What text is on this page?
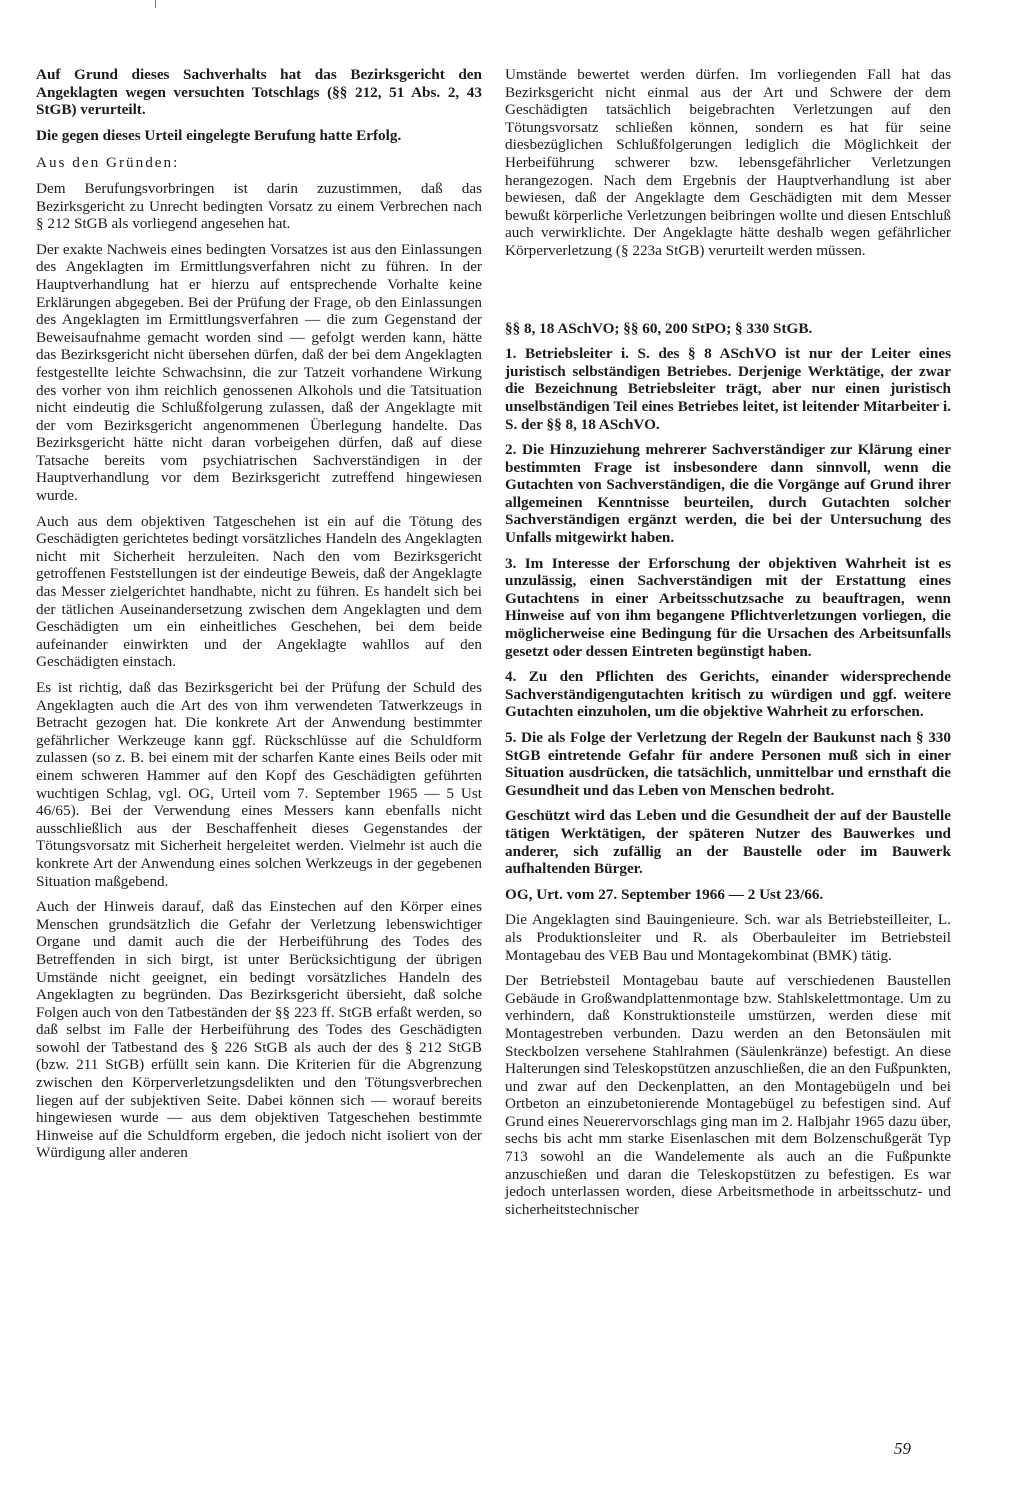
Auf Grund dieses Sachverhalts hat das Bezirksgericht den Angeklagten wegen versuchten Totschlags (§§ 212, 51 Abs. 2, 43 StGB) verurteilt.

Die gegen dieses Urteil eingelegte Berufung hatte Erfolg.

Aus den Gründen:

Dem Berufungsvorbringen ist darin zuzustimmen, daß das Bezirksgericht zu Unrecht bedingten Vorsatz zu einem Verbrechen nach § 212 StGB als vorliegend angesehen hat.

Der exakte Nachweis eines bedingten Vorsatzes ist aus den Einlassungen des Angeklagten im Ermittlungsverfahren nicht zu führen. In der Hauptverhandlung hat er hierzu auf entsprechende Vorhalte keine Erklärungen abgegeben. Bei der Prüfung der Frage, ob den Einlassungen des Angeklagten im Ermittlungsverfahren — die zum Gegenstand der Beweisaufnahme gemacht worden sind — gefolgt werden kann, hätte das Bezirksgericht nicht übersehen dürfen, daß der bei dem Angeklagten festgestellte leichte Schwachsinn, die zur Tatzeit vorhandene Wirkung des vorher von ihm reichlich genossenen Alkohols und die Tatsituation nicht eindeutig die Schlußfolgerung zulassen, daß der Angeklagte mit der vom Bezirksgericht angenommenen Überlegung handelte. Das Bezirksgericht hätte nicht daran vorbeigehen dürfen, daß auf diese Tatsache bereits vom psychiatrischen Sachverständigen in der Hauptverhandlung vor dem Bezirksgericht zutreffend hingewiesen wurde.

Auch aus dem objektiven Tatgeschehen ist ein auf die Tötung des Geschädigten gerichtetes bedingt vorsätzliches Handeln des Angeklagten nicht mit Sicherheit herzuleiten. Nach den vom Bezirksgericht getroffenen Feststellungen ist der eindeutige Beweis, daß der Angeklagte das Messer zielgerichtet handhabte, nicht zu führen. Es handelt sich bei der tätlichen Auseinandersetzung zwischen dem Angeklagten und dem Geschädigten um ein einheitliches Geschehen, bei dem beide aufeinander einwirkten und der Angeklagte wahllos auf den Geschädigten einstach.

Es ist richtig, daß das Bezirksgericht bei der Prüfung der Schuld des Angeklagten auch die Art des von ihm verwendeten Tatwerkzeugs in Betracht gezogen hat. Die konkrete Art der Anwendung bestimmter gefährlicher Werkzeuge kann ggf. Rückschlüsse auf die Schuldform zulassen (so z. B. bei einem mit der scharfen Kante eines Beils oder mit einem schweren Hammer auf den Kopf des Geschädigten geführten wuchtigen Schlag, vgl. OG, Urteil vom 7. September 1965 — 5 Ust 46/65). Bei der Verwendung eines Messers kann ebenfalls nicht ausschließlich aus der Beschaffenheit dieses Gegenstandes der Tötungsvorsatz mit Sicherheit hergeleitet werden. Vielmehr ist auch die konkrete Art der Anwendung eines solchen Werkzeugs in der gegebenen Situation maßgebend.

Auch der Hinweis darauf, daß das Einstechen auf den Körper eines Menschen grundsätzlich die Gefahr der Verletzung lebenswichtiger Organe und damit auch die der Herbeiführung des Todes des Betreffenden in sich birgt, ist unter Berücksichtigung der übrigen Umstände nicht geeignet, ein bedingt vorsätzliches Handeln des Angeklagten zu begründen. Das Bezirksgericht übersieht, daß solche Folgen auch von den Tatbeständen der §§ 223 ff. StGB erfaßt werden, so daß selbst im Falle der Herbeiführung des Todes des Geschädigten sowohl der Tatbestand des § 226 StGB als auch der des § 212 StGB (bzw. 211 StGB) erfüllt sein kann. Die Kriterien für die Abgrenzung zwischen den Körperverletzungsdelikten und den Tötungsverbrechen liegen auf der subjektiven Seite. Dabei können sich — worauf bereits hingewiesen wurde — aus dem objektiven Tatgeschehen bestimmte Hinweise auf die Schuldform ergeben, die jedoch nicht isoliert von der Würdigung aller anderen

Umstände bewertet werden dürfen. Im vorliegenden Fall hat das Bezirksgericht nicht einmal aus der Art und Schwere der dem Geschädigten tatsächlich beigebrachten Verletzungen auf den Tötungsvorsatz schließen können, sondern es hat für seine diesbezüglichen Schlußfolgerungen lediglich die Möglichkeit der Herbeiführung schwerer bzw. lebensgefährlicher Verletzungen herangezogen. Nach dem Ergebnis der Hauptverhandlung ist aber bewiesen, daß der Angeklagte dem Geschädigten mit dem Messer bewußt körperliche Verletzungen beibringen wollte und diesen Entschluß auch verwirklichte. Der Angeklagte hätte deshalb wegen gefährlicher Körperverletzung (§ 223a StGB) verurteilt werden müssen.

§§ 8, 18 ASchVO; §§ 60, 200 StPO; § 330 StGB.

1. Betriebsleiter i. S. des § 8 ASchVO ist nur der Leiter eines juristisch selbständigen Betriebes. Derjenige Werktätige, der zwar die Bezeichnung Betriebsleiter trägt, aber nur einen juristisch unselbständigen Teil eines Betriebes leitet, ist leitender Mitarbeiter i. S. der §§ 8, 18 ASchVO.

2. Die Hinzuziehung mehrerer Sachverständiger zur Klärung einer bestimmten Frage ist insbesondere dann sinnvoll, wenn die Gutachten von Sachverständigen, die die Vorgänge auf Grund ihrer allgemeinen Kenntnisse beurteilen, durch Gutachten solcher Sachverständigen ergänzt werden, die bei der Untersuchung des Unfalls mitgewirkt haben.

3. Im Interesse der Erforschung der objektiven Wahrheit ist es unzulässig, einen Sachverständigen mit der Erstattung eines Gutachtens in einer Arbeitsschutzsache zu beauftragen, wenn Hinweise auf von ihm begangene Pflichtverletzungen vorliegen, die möglicherweise eine Bedingung für die Ursachen des Arbeitsunfalls gesetzt oder dessen Eintreten begünstigt haben.

4. Zu den Pflichten des Gerichts, einander widersprechende Sachverständigengutachten kritisch zu würdigen und ggf. weitere Gutachten einzuholen, um die objektive Wahrheit zu erforschen.

5. Die als Folge der Verletzung der Regeln der Baukunst nach § 330 StGB eintretende Gefahr für andere Personen muß sich in einer Situation ausdrücken, die tatsächlich, unmittelbar und ernsthaft die Gesundheit und das Leben von Menschen bedroht.

Geschützt wird das Leben und die Gesundheit der auf der Baustelle tätigen Werktätigen, der späteren Nutzer des Bauwerkes und anderer, sich zufällig an der Baustelle oder im Bauwerk aufhaltenden Bürger.

OG, Urt. vom 27. September 1966 — 2 Ust 23/66.

Die Angeklagten sind Bauingenieure. Sch. war als Betriebsteilleiter, L. als Produktionsleiter und R. als Oberbauleiter im Betriebsteil Montagebau des VEB Bau und Montagekombinat (BMK) tätig.

Der Betriebsteil Montagebau baute auf verschiedenen Baustellen Gebäude in Großwandplattenmontage bzw. Stahlskelettmontage. Um zu verhindern, daß Konstruktionsteile umstürzen, werden diese mit Montagestreben verbunden. Dazu werden an den Betonsäulen mit Steckbolzen versehene Stahlrahmen (Säulenkränze) befestigt. An diese Halterungen sind Teleskopstützen anzuschließen, die an den Fußpunkten, und zwar auf den Deckenplatten, an den Montagebügeln und bei Ortbeton an einzubetonierende Montagebügel zu befestigen sind. Auf Grund eines Neuerervorschlags ging man im 2. Halbjahr 1965 dazu über, sechs bis acht mm starke Eisenlaschen mit dem Bolzenschußgerät Typ 713 sowohl an die Wandelemente als auch an die Fußpunkte anzuschießen und daran die Teleskopstützen zu befestigen. Es war jedoch unterlassen worden, diese Arbeitsmethode in arbeitsschutz- und sicherheitstechnischer

59
